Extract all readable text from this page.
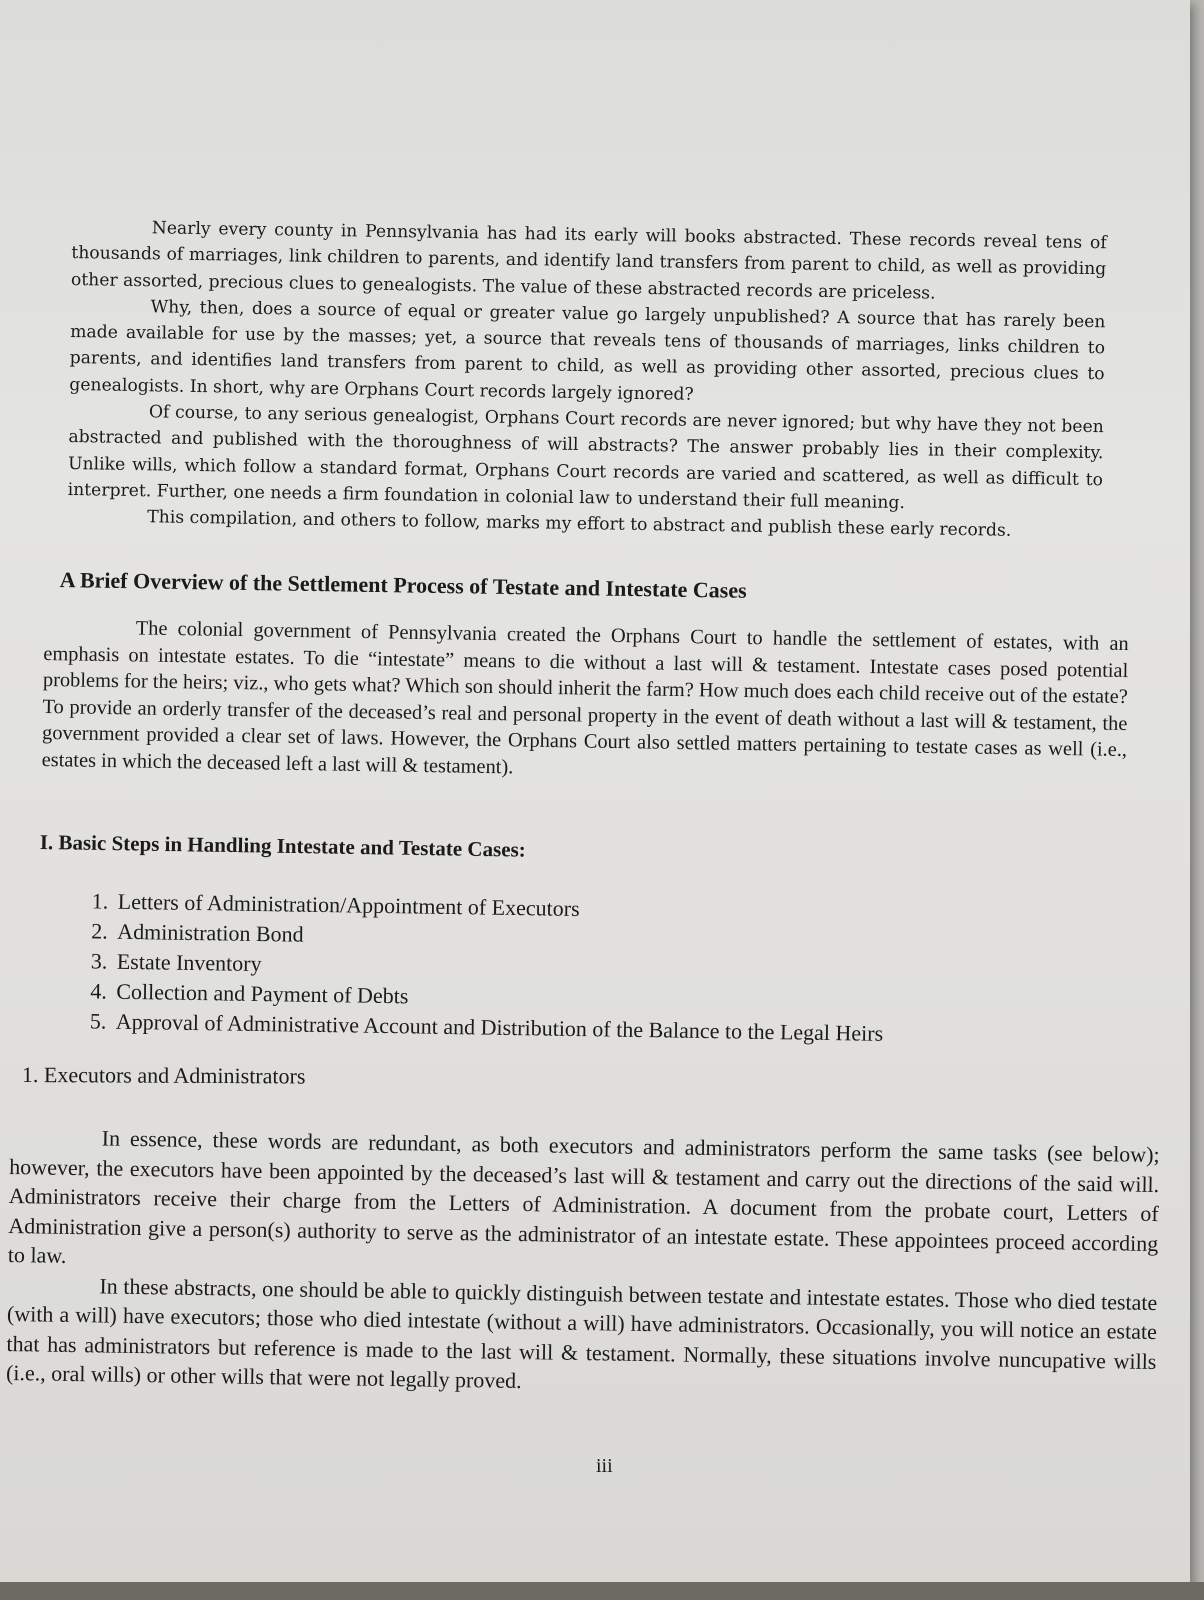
Nearly every county in Pennsylvania has had its early will books abstracted. These records reveal tens of thousands of marriages, link children to parents, and identify land transfers from parent to child, as well as providing other assorted, precious clues to genealogists. The value of these abstracted records are priceless.

Why, then, does a source of equal or greater value go largely unpublished? A source that has rarely been made available for use by the masses; yet, a source that reveals tens of thousands of marriages, links children to parents, and identifies land transfers from parent to child, as well as providing other assorted, precious clues to genealogists. In short, why are Orphans Court records largely ignored?

Of course, to any serious genealogist, Orphans Court records are never ignored; but why have they not been abstracted and published with the thoroughness of will abstracts? The answer probably lies in their complexity. Unlike wills, which follow a standard format, Orphans Court records are varied and scattered, as well as difficult to interpret. Further, one needs a firm foundation in colonial law to understand their full meaning.

This compilation, and others to follow, marks my effort to abstract and publish these early records.

A Brief Overview of the Settlement Process of Testate and Intestate Cases

The colonial government of Pennsylvania created the Orphans Court to handle the settlement of estates, with an emphasis on intestate estates. To die “intestate” means to die without a last will & testament. Intestate cases posed potential problems for the heirs; viz., who gets what? Which son should inherit the farm? How much does each child receive out of the estate? To provide an orderly transfer of the deceased’s real and personal property in the event of death without a last will & testament, the government provided a clear set of laws. However, the Orphans Court also settled matters pertaining to testate cases as well (i.e., estates in which the deceased left a last will & testament).

I. Basic Steps in Handling Intestate and Testate Cases:
1. Letters of Administration/Appointment of Executors
2. Administration Bond
3. Estate Inventory
4. Collection and Payment of Debts
5. Approval of Administrative Account and Distribution of the Balance to the Legal Heirs
1. Executors and Administrators

In essence, these words are redundant, as both executors and administrators perform the same tasks (see below); however, the executors have been appointed by the deceased’s last will & testament and carry out the directions of the said will. Administrators receive their charge from the Letters of Administration. A document from the probate court, Letters of Administration give a person(s) authority to serve as the administrator of an intestate estate. These appointees proceed according to law.

In these abstracts, one should be able to quickly distinguish between testate and intestate estates. Those who died testate (with a will) have executors; those who died intestate (without a will) have administrators. Occasionally, you will notice an estate that has administrators but reference is made to the last will & testament. Normally, these situations involve nuncupative wills (i.e., oral wills) or other wills that were not legally proved.

iii
